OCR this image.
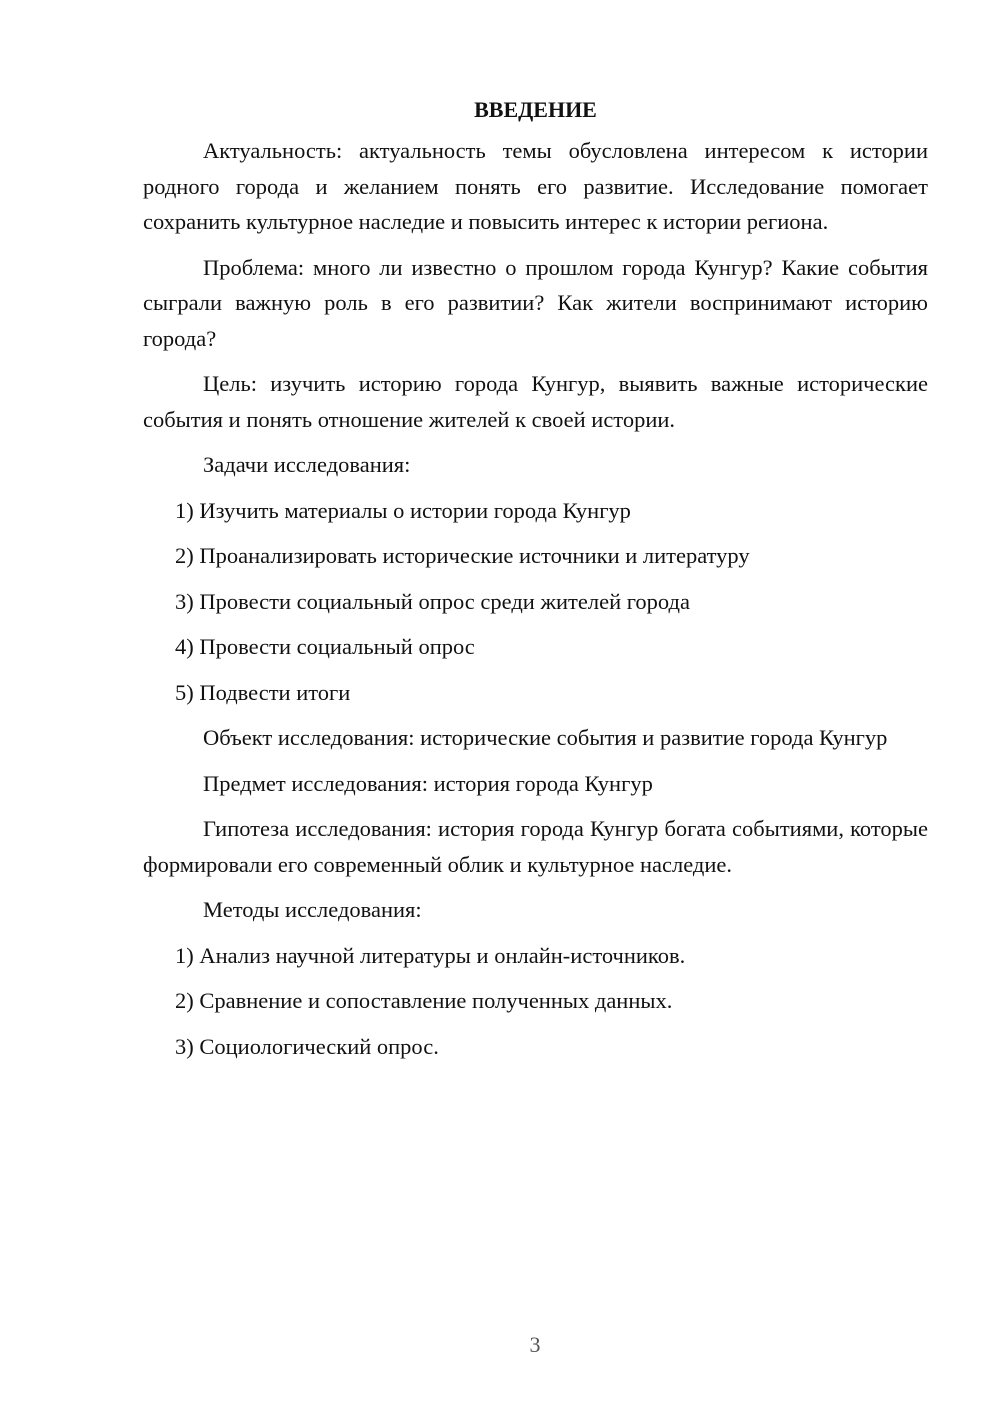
ВВЕДЕНИЕ

Актуальность: актуальность темы обусловлена интересом к истории родного города и желанием понять его развитие. Исследование помогает сохранить культурное наследие и повысить интерес к истории региона.

Проблема: много ли известно о прошлом города Кунгур? Какие события сыграли важную роль в его развитии? Как жители воспринимают историю города?

Цель: изучить историю города Кунгур, выявить важные исторические события и понять отношение жителей к своей истории.

Задачи исследования:

1) Изучить материалы о истории города Кунгур
2) Проанализировать исторические источники и литературу
3) Провести социальный опрос среди жителей города
4) Провести социальный опрос
5) Подвести итоги

Объект исследования: исторические события и развитие города Кунгур

Предмет исследования: история города Кунгур

Гипотеза исследования: история города Кунгур богата событиями, которые формировали его современный облик и культурное наследие.

Методы исследования:

1) Анализ научной литературы и онлайн-источников.
2) Сравнение и сопоставление полученных данных.
3) Социологический опрос.
3
